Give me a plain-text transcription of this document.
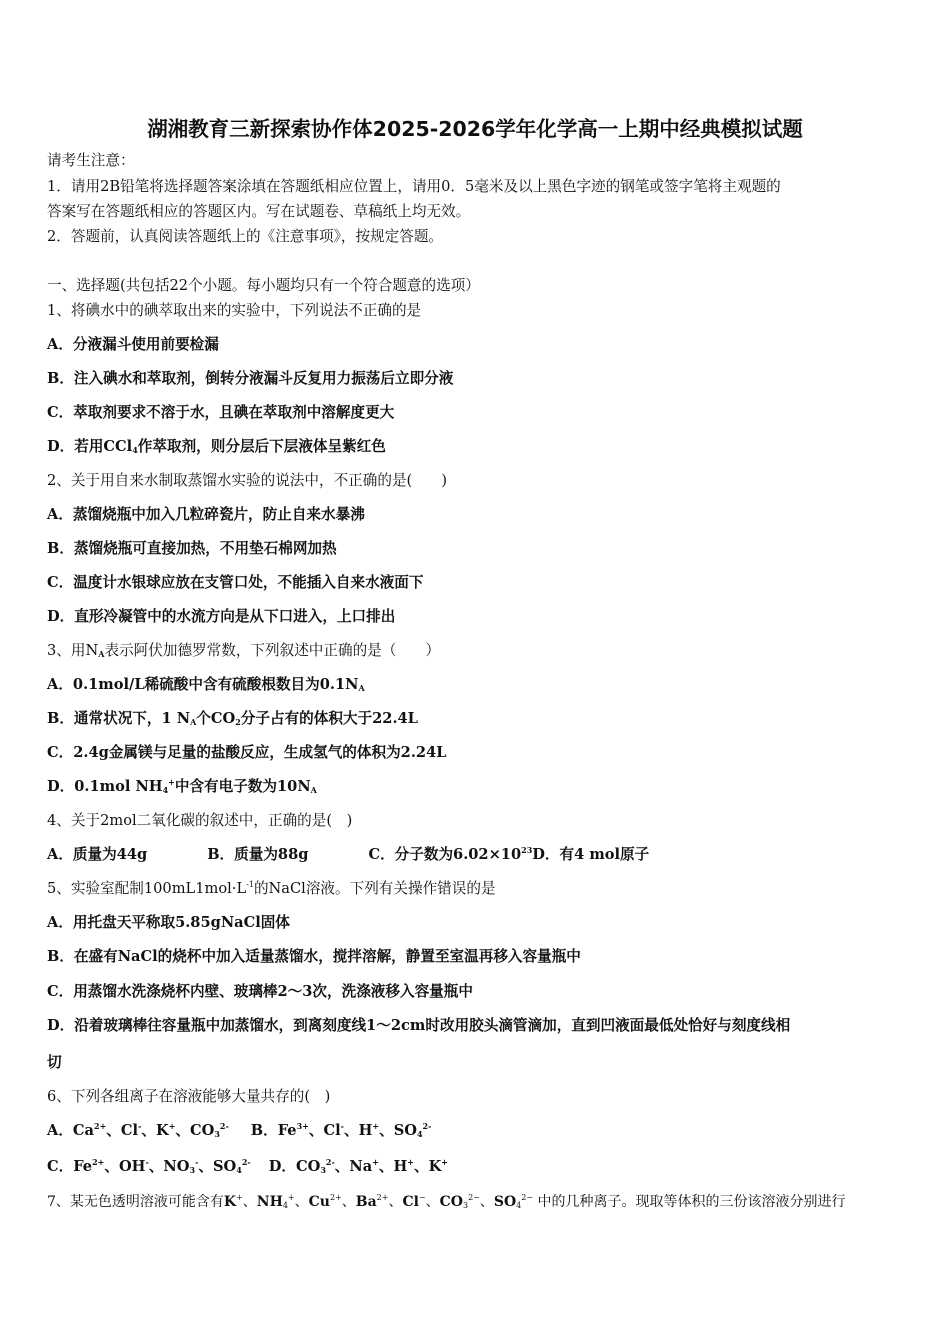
湖湘教育三新探索协作体2025-2026学年化学高一上期中经典模拟试题
请考生注意：
1．请用2B铅笔将选择题答案涂填在答题纸相应位置上，请用0．5毫米及以上黑色字迹的钢笔或签字笔将主观题的
答案写在答题纸相应的答题区内。写在试题卷、草稿纸上均无效。
2．答题前，认真阅读答题纸上的《注意事项》，按规定答题。
一、选择题(共包括22个小题。每小题均只有一个符合题意的选项）
1、将碘水中的碘萃取出来的实验中，下列说法不正确的是
A．分液漏斗使用前要检漏
B．注入碘水和萃取剂，倒转分液漏斗反复用力振荡后立即分液
C．萃取剂要求不溶于水，且碘在萃取剂中溶解度更大
D．若用CCl$_4$作萃取剂，则分层后下层液体呈紫红色
2、关于用自来水制取蒸馏水实验的说法中，不正确的是(　　)
A．蒸馏烧瓶中加入几粒碎瓷片，防止自来水暴沸
B．蒸馏烧瓶可直接加热，不用垫石棉网加热
C．温度计水银球应放在支管口处，不能插入自来水液面下
D．直形冷凝管中的水流方向是从下口进入，上口排出
3、用$N_A$表示阿伏加德罗常数，下列叙述中正确的是（　　）
A．0.1mol/L稀硫酸中含有硫酸根数目为$0.1N_A$
B．通常状况下，1 $N_A$个$CO_2$分子占有的体积大于22.4L
C．2.4g金属镁与足量的盐酸反应，生成氢气的体积为2.24L
D．0.1mol $NH_4^+$中含有电子数为$10N_A$
4、关于2mol二氧化碳的叙述中，正确的是(　)
A．质量为44g	B．质量为88g	C．分子数为$6.02\times 10^{23}D$．有4 mol原子
5、实验室配制$100mL1mol\cdot L^{-1}$的NaCl溶液。下列有关操作错误的是
A．用托盘天平称取5.85gNaCl固体
B．在盛有NaCl的烧杯中加入适量蒸馏水，搅拌溶解，静置至室温再移入容量瓶中
C．用蒸馏水洗涤烧杯内壁、玻璃棒2～3次，洗涤液移入容量瓶中
D．沿着玻璃棒往容量瓶中加蒸馏水，到离刻度线1～2cm时改用胶头滴管滴加，直到凹液面最低处恰好与刻度线相
切
6、下列各组离子在溶液能够大量共存的(　)
A．$Ca^{2+}$、Cl-、K+、$CO_3^{2-}$ B．$Fe^{3+}$、Cl-、H+、$SO_4^{2-}$
C．$Fe^{2+}$、OH-、$NO_3^-$、$SO_4^{2-}$ D．$CO_3^{2-}$、Na+、H+、K+
7、某无色透明溶液可能含有K+、$NH_4^+$、$Cu^{2+}$、$Ba^{2+}$、Cl−、$CO_3^{2-}$、$SO_4^{2-}$ 中的几种离子。现取等体积的三份该溶液分别进行
